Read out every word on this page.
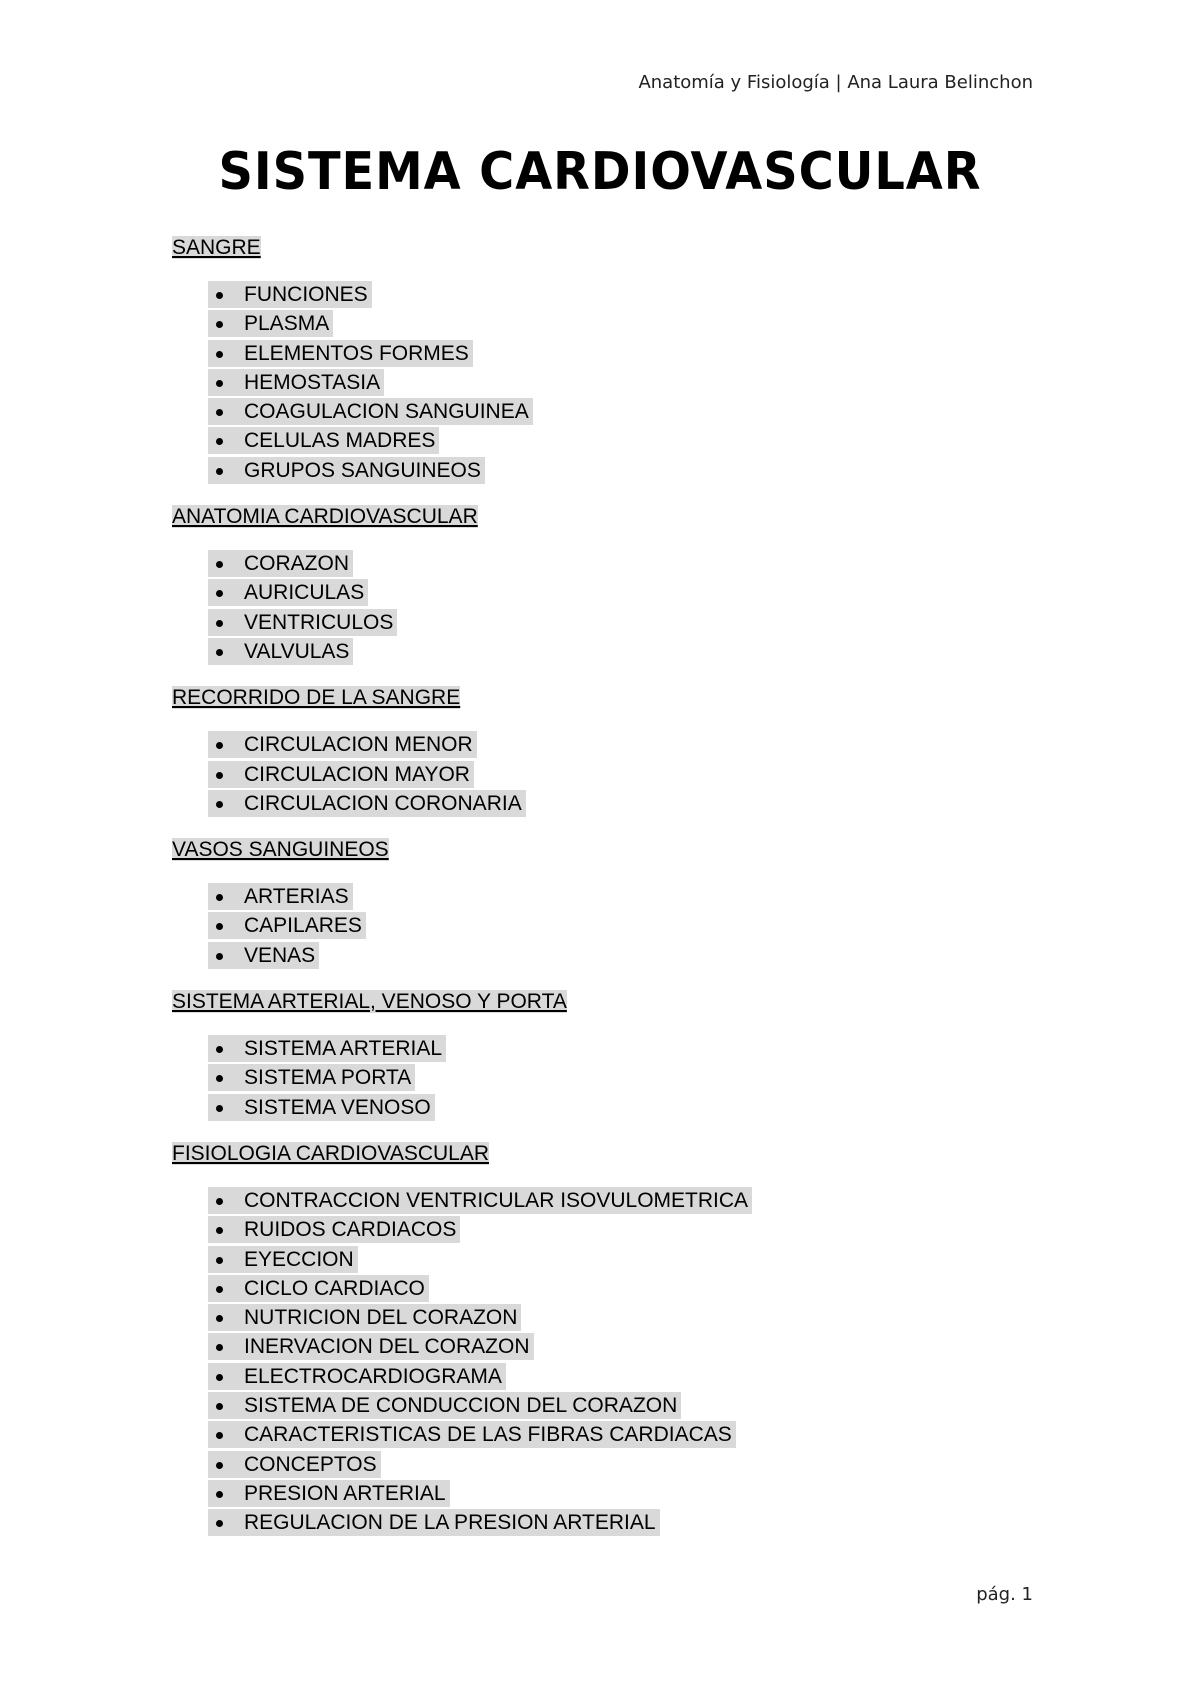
Anatomía y Fisiología | Ana Laura Belinchon
SISTEMA CARDIOVASCULAR
SANGRE
FUNCIONES
PLASMA
ELEMENTOS FORMES
HEMOSTASIA
COAGULACION SANGUINEA
CELULAS MADRES
GRUPOS SANGUINEOS
ANATOMIA CARDIOVASCULAR
CORAZON
AURICULAS
VENTRICULOS
VALVULAS
RECORRIDO DE LA SANGRE
CIRCULACION MENOR
CIRCULACION MAYOR
CIRCULACION CORONARIA
VASOS SANGUINEOS
ARTERIAS
CAPILARES
VENAS
SISTEMA ARTERIAL, VENOSO Y PORTA
SISTEMA ARTERIAL
SISTEMA PORTA
SISTEMA VENOSO
FISIOLOGIA CARDIOVASCULAR
CONTRACCION VENTRICULAR ISOVULOMETRICA
RUIDOS CARDIACOS
EYECCION
CICLO CARDIACO
NUTRICION DEL CORAZON
INERVACION DEL CORAZON
ELECTROCARDIOGRAMA
SISTEMA DE CONDUCCION DEL CORAZON
CARACTERISTICAS DE LAS FIBRAS CARDIACAS
CONCEPTOS
PRESION ARTERIAL
REGULACION DE LA PRESION ARTERIAL
pág. 1
